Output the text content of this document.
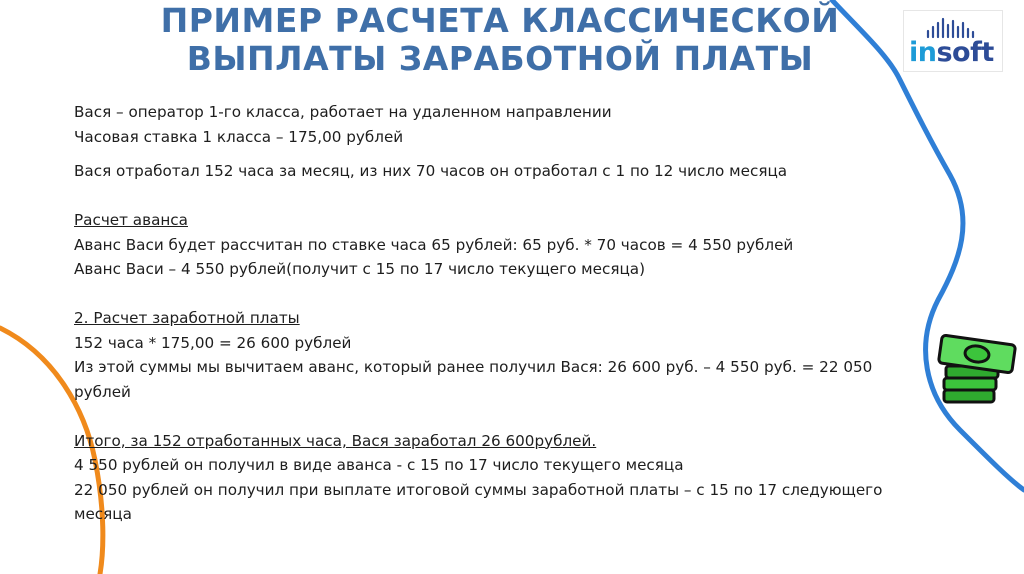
ПРИМЕР РАСЧЕТА КЛАССИЧЕСКОЙ
ВЫПЛАТЫ ЗАРАБОТНОЙ ПЛАТЫ	insoft
Вася – оператор 1-го класса, работает на удаленном направлении
Часовая ставка 1 класса – 175,00 рублей
Вася отработал 152 часа за месяц, из них 70 часов он отработал с 1 по 12 число месяца
Расчет аванса
Аванс Васи будет рассчитан по ставке часа 65 рублей: 65 руб. * 70 часов = 4 550 рублей
Аванс Васи – 4 550 рублей(получит с 15 по 17 число текущего месяца)
2. Расчет заработной платы
152 часа * 175,00 = 26 600 рублей
Из этой суммы мы вычитаем аванс, который ранее получил Вася: 26 600 руб. – 4 550 руб. = 22 050
рублей
Итого, за 152 отработанных часа, Вася заработал 26 600рублей.
4 550 рублей он получил в виде аванса - с 15 по 17 число текущего месяца
22 050 рублей он получил при выплате итоговой суммы заработной платы – с 15 по 17 следующего
месяца
